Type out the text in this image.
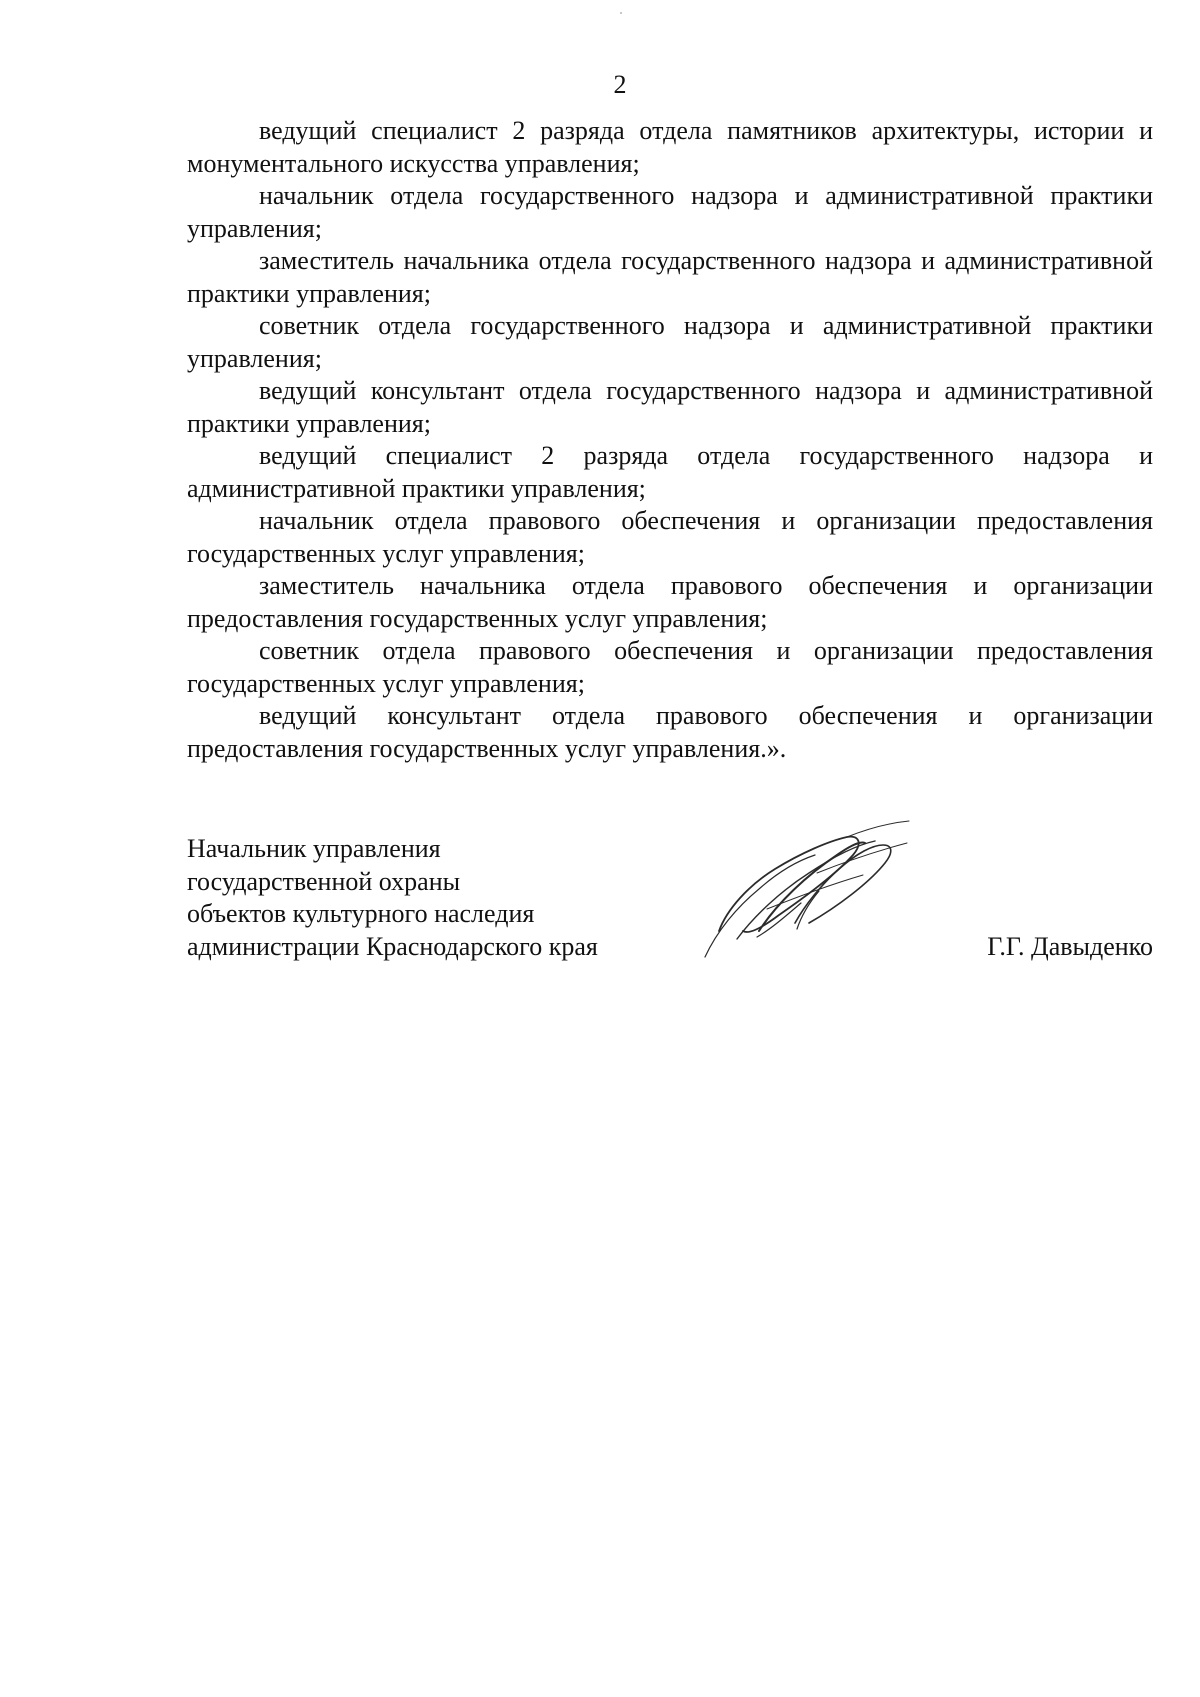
2

ведущий специалист 2 разряда отдела памятников архитектуры, истории и монументального искусства управления;

начальник отдела государственного надзора и административной практики управления;

заместитель начальника отдела государственного надзора и административной практики управления;

советник отдела государственного надзора и административной практики управления;

ведущий консультант отдела государственного надзора и административной практики управления;

ведущий специалист 2 разряда отдела государственного надзора и административной практики управления;

начальник отдела правового обеспечения и организации предоставления государственных услуг управления;

заместитель начальника отдела правового обеспечения и организации предоставления государственных услуг управления;

советник отдела правового обеспечения и организации предоставления государственных услуг управления;

ведущий консультант отдела правового обеспечения и организации предоставления государственных услуг управления.».

Начальник управления
государственной охраны
объектов культурного наследия
администрации Краснодарского края	Г.Г. Давыденко
